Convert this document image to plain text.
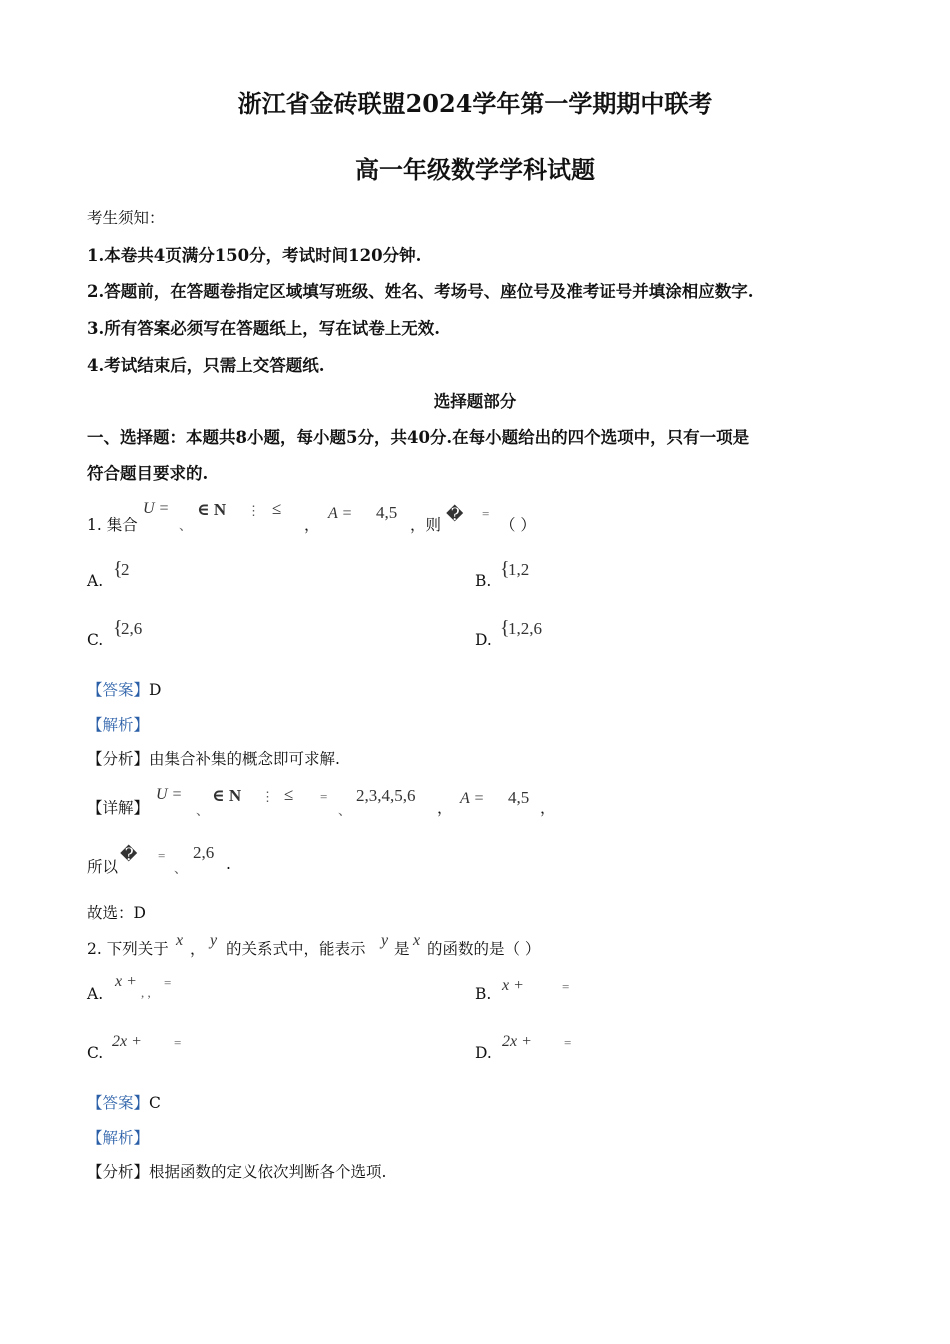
浙江省金砖联盟2024学年第一学期期中联考
高一年级数学学科试题
考生须知：
1.本卷共4页满分150分，考试时间120分钟.
2.答题前，在答题卷指定区域填写班级、姓名、考场号、座位号及准考证号并填涂相应数字.
3.所有答案必须写在答题纸上，写在试卷上无效.
4.考试结束后，只需上交答题纸.
选择题部分
一、选择题：本题共8小题，每小题5分，共40分.在每小题给出的四个选项中，只有一项是
符合题目要求的.
1. 集合
U =
、
∈ N ⋮ ≤
，
A = 4,5
，则
� =
（ ）
A.
{
2
B.
{
1,2
C.
{
2,6
D.
{
1,2,6
【答案】D
【解析】
【分析】由集合补集的概念即可求解.
【详解】
U =
、
∈ N ⋮ ≤ =
、
2,3,4,5,6
，
A = 4,5
，
所以
� =
、
2,6
.
故选：D
2. 下列关于 x ， y 的关系式中，能表示 y 是 x 的函数的是（ ）
A.
x +
, ,
=
B. x +	=
C.
2x + =
D.
2x + =
【答案】C
【解析】
【分析】根据函数的定义依次判断各个选项.
